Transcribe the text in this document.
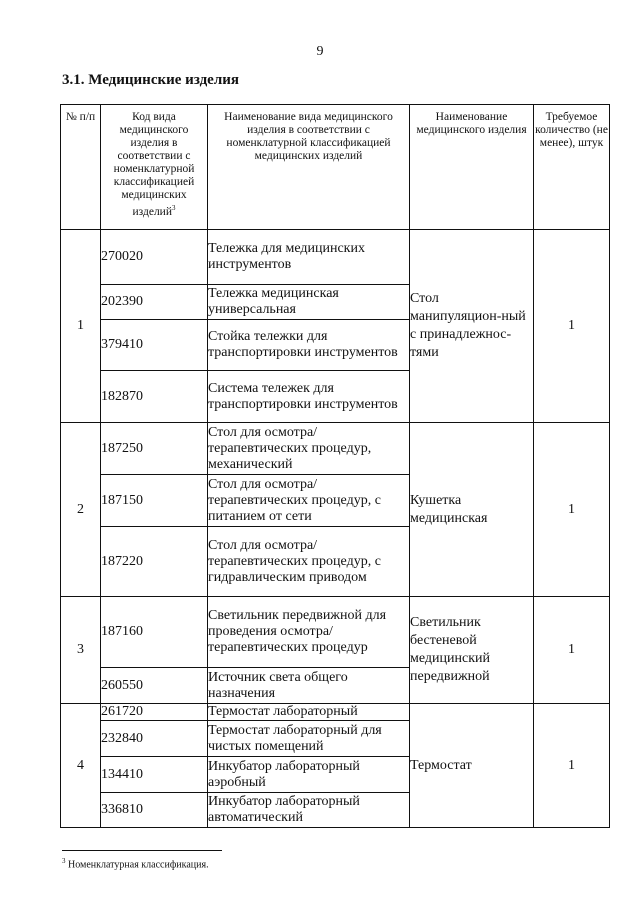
9
3.1. Медицинские изделия
№ п/п	Код вида медицинского изделия в соответствии с номенклатурной классификацией медицинских изделий$^3$	Наименование вида медицинского изделия в соответствии с номенклатурной классификацией медицинских изделий	Наименование медицинского изделия	Требуемое количество (не менее), штук
1	270020	Тележка для медицинских инструментов	Стол манипуляцион-ный с принадлежнос-тями	1
	202390	Тележка медицинская универсальная		
	379410	Стойка тележки для транспортировки инструментов		
	182870	Система тележек для транспортировки инструментов		
2	187250	Стол для осмотра/терапевтических процедур, механический	Кушетка медицинская	1
	187150	Стол для осмотра/терапевтических процедур, с питанием от сети		
	187220	Стол для осмотра/терапевтических процедур, с гидравлическим приводом		
3	187160	Светильник передвижной для проведения осмотра/терапевтических процедур	Светильник бестеневой медицинский передвижной	1
	260550	Источник света общего назначения		
4	261720	Термостат лабораторный	Термостат	1
	232840	Термостат лабораторный для чистых помещений		
	134410	Инкубатор лабораторный аэробный		
	336810	Инкубатор лабораторный автоматический		
$^3$ Номенклатурная классификация.
